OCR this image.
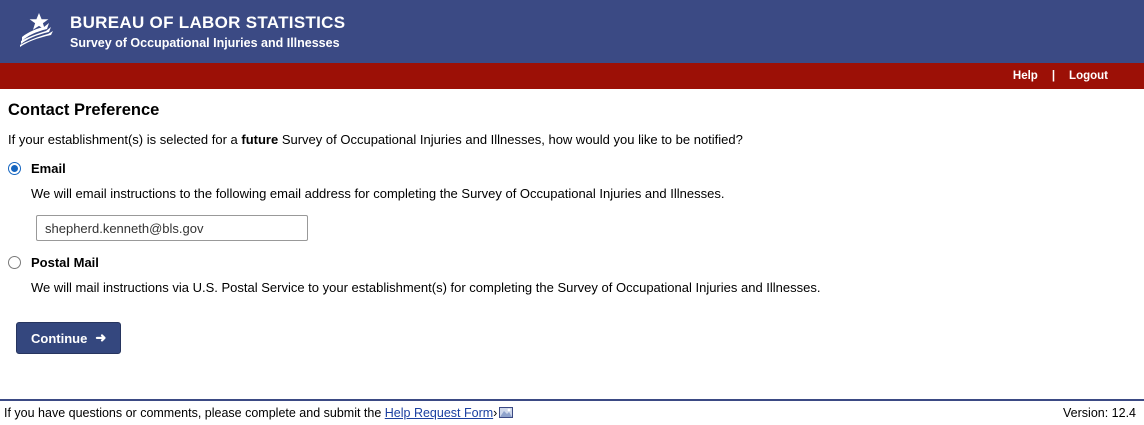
BUREAU OF LABOR STATISTICS
Survey of Occupational Injuries and Illnesses
Help	|	Logout
Contact Preference

If your establishment(s) is selected for a future Survey of Occupational Injuries and Illnesses, how would you like to be notified?

Email
We will email instructions to the following email address for completing the Survey of Occupational Injuries and Illnesses.
shepherd.kenneth@bls.gov
Postal Mail
We will mail instructions via U.S. Postal Service to your establishment(s) for completing the Survey of Occupational Injuries and Illnesses.
Continue ➜
If you have questions or comments, please complete and submit the Help Request Form›	Version: 12.4
